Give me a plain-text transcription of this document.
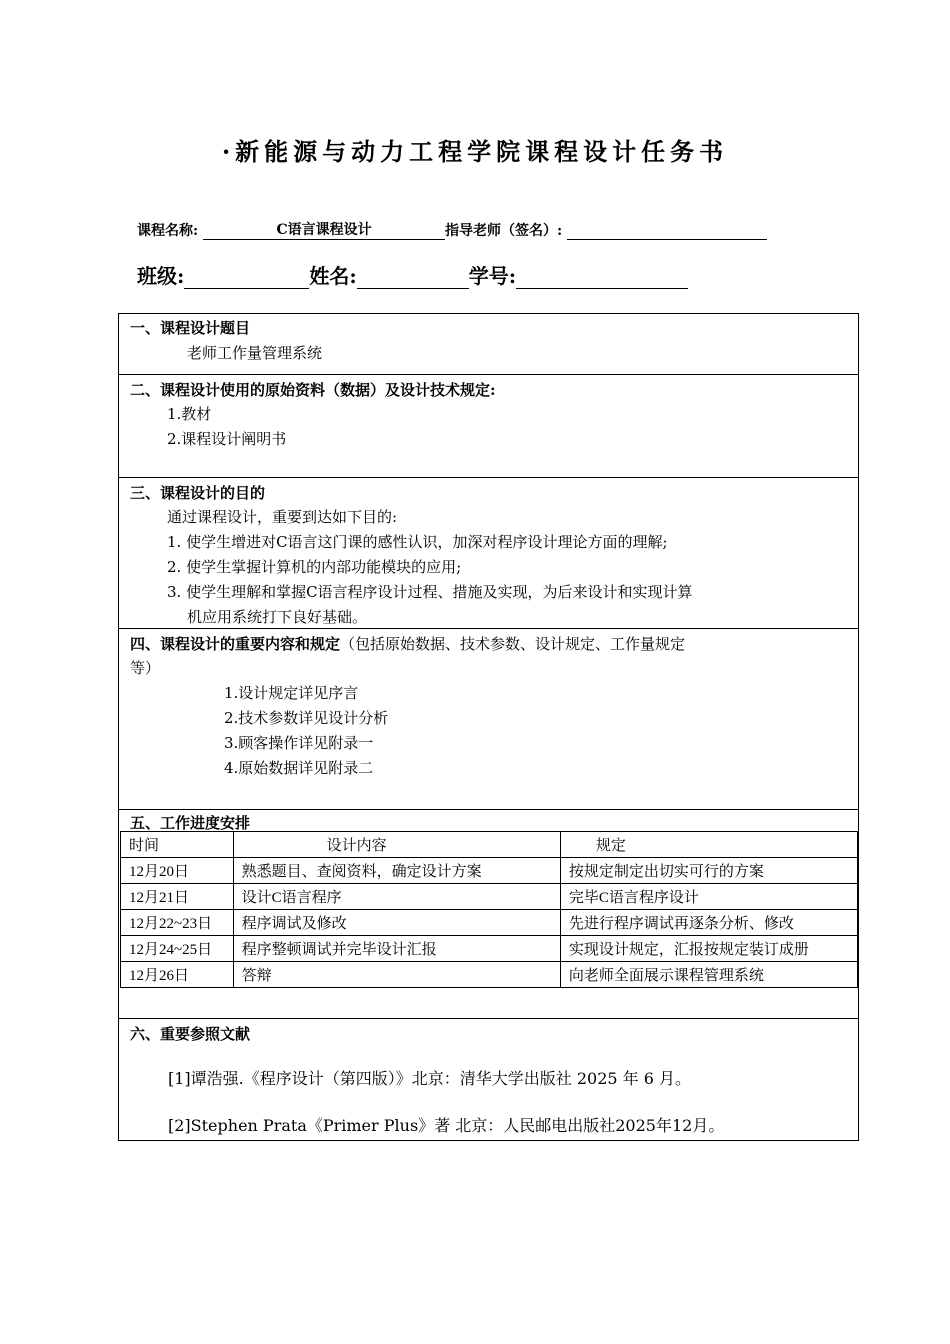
·新能源与动力工程学院课程设计任务书
课程名称:	C语言课程设计	指导老师（签名）:
班级:	姓名:	学号:
一、课程设计题目
老师工作量管理系统
二、课程设计使用的原始资料（数据）及设计技术规定:
1.教材
2.课程设计阐明书
三、课程设计的目的
通过课程设计，重要到达如下目的:
1. 使学生增进对C语言这门课的感性认识，加深对程序设计理论方面的理解;
2. 使学生掌握计算机的内部功能模块的应用;
3. 使学生理解和掌握C语言程序设计过程、措施及实现，为后来设计和实现计算
机应用系统打下良好基础。
四、课程设计的重要内容和规定（包括原始数据、技术参数、设计规定、工作量规定
等）
1.设计规定详见序言
2.技术参数详见设计分析
3.顾客操作详见附录一
4.原始数据详见附录二
五、工作进度安排
时间	设计内容	规定
12月20日	熟悉题目、查阅资料，确定设计方案	按规定制定出切实可行的方案
12月21日	设计C语言程序	完毕C语言程序设计
12月22~23日	程序调试及修改	先进行程序调试再逐条分析、修改
12月24~25日	程序整顿调试并完毕设计汇报	实现设计规定，汇报按规定装订成册
12月26日	答辩	向老师全面展示课程管理系统
六、重要参照文献
[1]谭浩强.《程序设计（第四版）》北京：清华大学出版社 2025 年 6 月。
[2]Stephen Prata《Primer Plus》著 北京：人民邮电出版社2025年12月。
